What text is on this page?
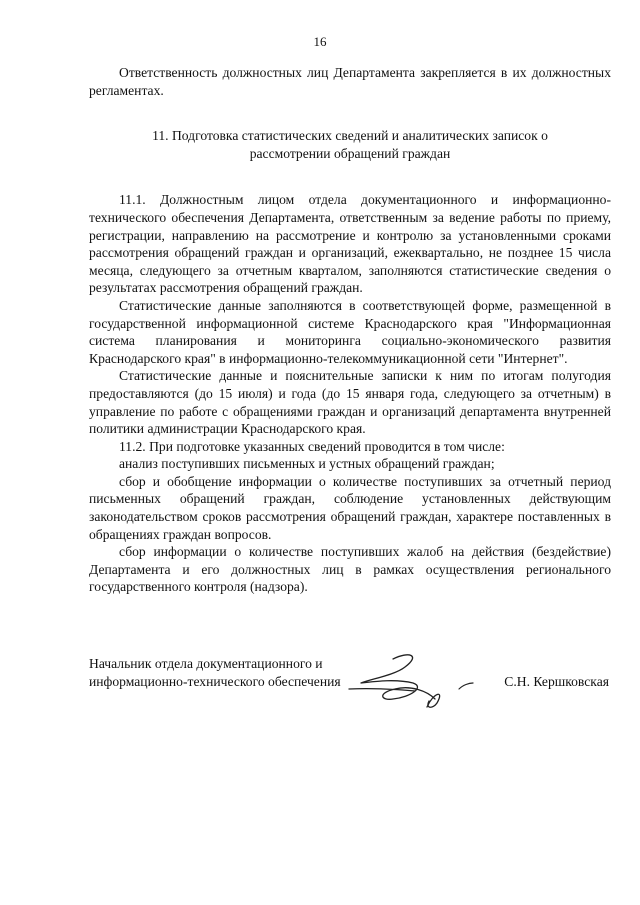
16

Ответственность должностных лиц Департамента закрепляется в их должностных регламентах.

11. Подготовка статистических сведений и аналитических записок о рассмотрении обращений граждан

11.1. Должностным лицом отдела документационного и информационно-технического обеспечения Департамента, ответственным за ведение работы по приему, регистрации, направлению на рассмотрение и контролю за установленными сроками рассмотрения обращений граждан и организаций, ежеквартально, не позднее 15 числа месяца, следующего за отчетным кварталом, заполняются статистические сведения о результатах рассмотрения обращений граждан.

Статистические данные заполняются в соответствующей форме, размещенной в государственной информационной системе Краснодарского края "Информационная система планирования и мониторинга социально-экономического развития Краснодарского края" в информационно-телекоммуникационной сети "Интернет".

Статистические данные и пояснительные записки к ним по итогам полугодия предоставляются (до 15 июля) и года (до 15 января года, следующего за отчетным) в управление по работе с обращениями граждан и организаций департамента внутренней политики администрации Краснодарского края.

11.2. При подготовке указанных сведений проводится в том числе:

анализ поступивших письменных и устных обращений граждан;

сбор и обобщение информации о количестве поступивших за отчетный период письменных обращений граждан, соблюдение установленных действующим законодательством сроков рассмотрения обращений граждан, характере поставленных в обращениях граждан вопросов.

сбор информации о количестве поступивших жалоб на действия (бездействие) Департамента и его должностных лиц в рамках осуществления регионального государственного контроля (надзора).

Начальник отдела документационного и
информационно-технического обеспечения	С.Н. Кершковская
